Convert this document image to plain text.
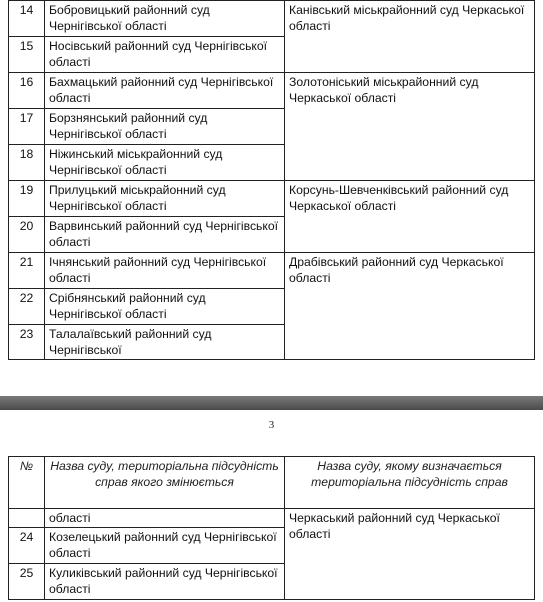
14	Бобровицький районний суд Чернігівської області	Канівський міськрайонний суд Черкаської області
15	Носівський районний суд Чернігівської області	
16	Бахмацький районний суд Чернігівської області	Золотоніський міськрайонний суд Черкаської області
17	Борзнянський районний суд Чернігівської області	
18	Ніжинський міськрайонний суд Чернігівської області	
19	Прилуцький міськрайонний суд Чернігівської області	Корсунь-Шевченківський районний суд Черкаської області
20	Варвинський районний суд Чернігівської області	
21	Ічнянський районний суд Чернігівської області	Драбівський районний суд Черкаської області
22	Срібнянський районний суд Чернігівської області	
23	Талалаївський районний суд Чернігівської	
3
№	Назва суду, територіальна підсудність справ якого змінюється	Назва суду, якому визначається територіальна підсудність справ
	області	Черкаський районний суд Черкаської області
24	Козелецький районний суд Чернігівської області	
25	Куликівський районний суд Чернігівської області	
